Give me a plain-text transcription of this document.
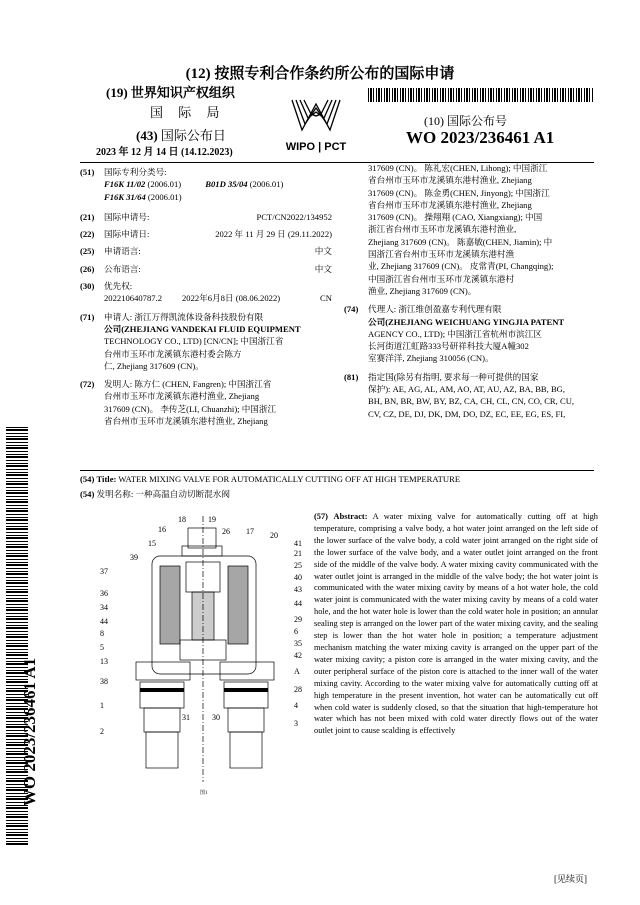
(12) 按照专利合作条约所公布的国际申请
(19) 世界知识产权组织
国 际 局
(43) 国际公布日
2023 年 12 月 14 日 (14.12.2023)	WIPO | PCT
(10) 国际公布号
WO 2023/236461 A1
WO 2023/236461 A1
(51)	国际专利分类号:
F16K 11/02 (2006.01)	B01D 35/04 (2006.01)
F16K 31/64 (2006.01)
(21)	国际申请号:	PCT/CN2022/134952
(22)	国际申请日:	2022 年 11 月 29 日 (29.11.2022)
(25)	申请语言:	中文
(26)	公布语言:	中文
(30)	优先权:
202210640787.2	2022年6月8日 (08.06.2022)	CN
(71)	申请人: 浙江万得凯流体设备科技股份有限
公司(ZHEJIANG VANDEKAI FLUID EQUIPMENT
TECHNOLOGY CO., LTD) [CN/CN]; 中国浙江省
台州市玉环市龙溪镇东港村委会陈方
仁, Zhejiang 317609 (CN)。
(72)	发明人: 陈方仁 (CHEN, Fangren); 中国浙江省
台州市玉环市龙溪镇东港村渔业, Zhejiang
317609 (CN)。 李传芝(LI, Chuanzhi); 中国浙江
省台州市玉环市龙溪镇东港村渔业, Zhejiang
317609 (CN)。 陈礼宏(CHEN, Lihong); 中国浙江
省台州市玉环市龙溪镇东港村渔业, Zhejiang
317609 (CN)。 陈金勇(CHEN, Jinyong); 中国浙江
省台州市玉环市龙溪镇东港村渔业, Zhejiang
317609 (CN)。 操翔翔 (CAO, Xiangxiang); 中国
浙江省台州市玉环市龙溪镇东港村渔业,
Zhejiang 317609 (CN)。 陈嘉敏(CHEN, Jiamin); 中
国浙江省台州市玉环市龙溪镇东港村渔
业, Zhejiang 317609 (CN)。 皮常青(PI, Changqing);
中国浙江省台州市玉环市龙溪镇东港村
渔业, Zhejiang 317609 (CN)。
(74)	代理人: 浙江维创盈嘉专利代理有限
公司(ZHEJIANG WEICHUANG YINGJIA PATENT
AGENCY CO., LTD); 中国浙江省杭州市滨江区
长河街道江虹路333号研祥科技大厦A幢302
室赛洋洋, Zhejiang 310056 (CN)。
(81)	指定国(除另有指明, 要求每一种可提供的国家
保护): AE, AG, AL, AM, AO, AT, AU, AZ, BA, BB, BG,
BH, BN, BR, BW, BY, BZ, CA, CH, CL, CN, CO, CR, CU,
CV, CZ, DE, DJ, DK, DM, DO, DZ, EC, EE, EG, ES, FI,
(54) Title: WATER MIXING VALVE FOR AUTOMATICALLY CUTTING OFF AT HIGH TEMPERATURE
(54) 发明名称: 一种高温自动切断混水阀
18	19
16	26 17 20
15
39	21
41
37
36
34
44
8
5
13
38
1
2
25
40
43
44
29
6
35
42
A
28
4
3
31	30
图1
(57) Abstract: A water mixing valve for automatically cutting off at high temperature, comprising a valve body, a hot water joint arranged on the left side of the lower surface of the valve body, a cold water joint arranged on the right side of the lower surface of the valve body, and a water outlet joint arranged on the front side of the middle of the valve body. A water mixing cavity communicated with the water outlet joint is arranged in the middle of the valve body; the hot water joint is communicated with the water mixing cavity by means of a hot water hole, the cold water joint is communicated with the water mixing cavity by means of a cold water hole, and the hot water hole is lower than the cold water hole in position; an annular sealing step is arranged on the lower part of the water mixing cavity, and the sealing step is lower than the hot water hole in position; a temperature adjustment mechanism matching the water mixing cavity is arranged on the upper part of the water mixing cavity; a piston core is arranged in the water mixing cavity, and the outer peripheral surface of the piston core is attached to the inner wall of the water mixing cavity. According to the water mixing valve for automatically cutting off at high temperature in the present invention, hot water can be automatically cut off when cold water is suddenly closed, so that the situation that high-temperature hot water which has not been mixed with cold water directly flows out of the water outlet joint to cause scalding is effectively
[见续页]
